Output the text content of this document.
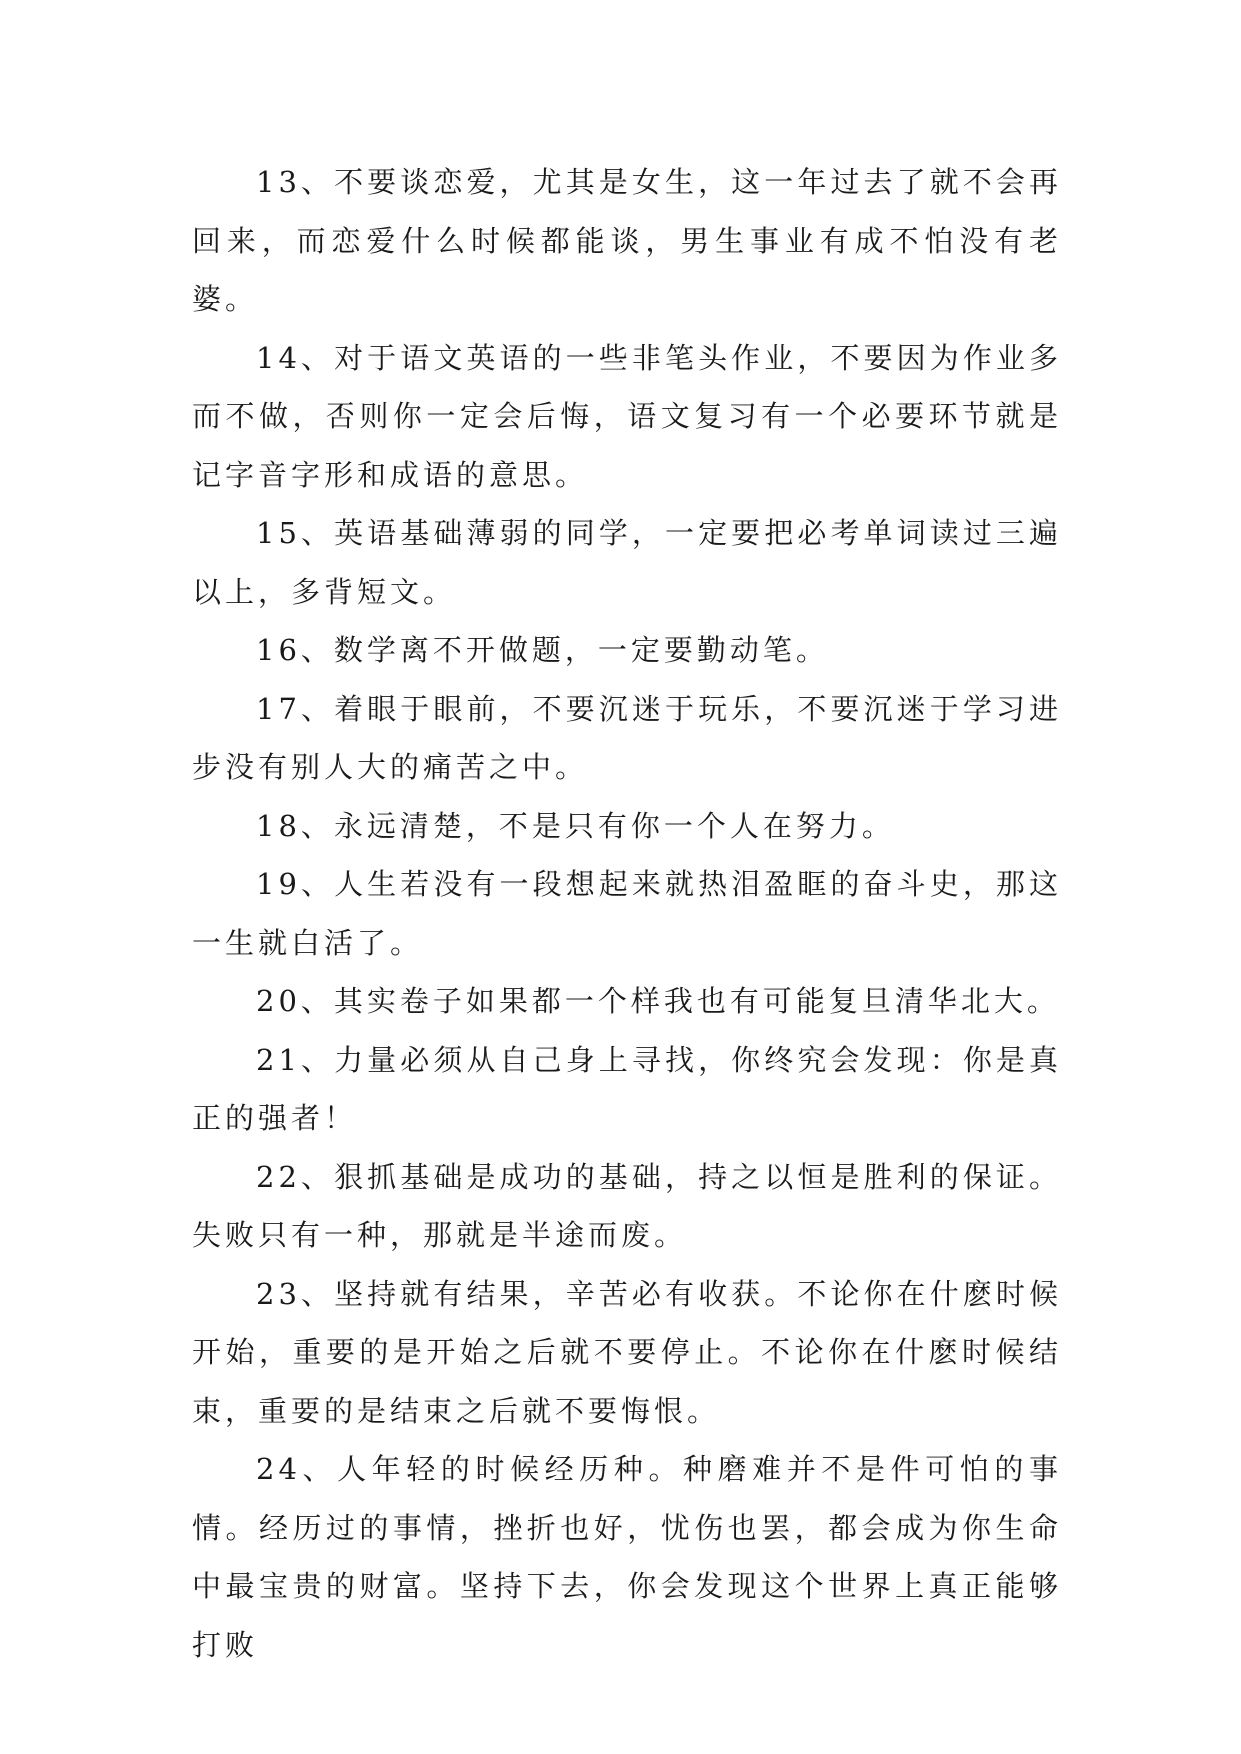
13、不要谈恋爱，尤其是女生，这一年过去了就不会再回来，而恋爱什么时候都能谈，男生事业有成不怕没有老婆。

14、对于语文英语的一些非笔头作业，不要因为作业多而不做，否则你一定会后悔，语文复习有一个必要环节就是记字音字形和成语的意思。

15、英语基础薄弱的同学，一定要把必考单词读过三遍以上，多背短文。

16、数学离不开做题，一定要勤动笔。

17、着眼于眼前，不要沉迷于玩乐，不要沉迷于学习进步没有别人大的痛苦之中。

18、永远清楚，不是只有你一个人在努力。

19、人生若没有一段想起来就热泪盈眶的奋斗史，那这一生就白活了。

20、其实卷子如果都一个样我也有可能复旦清华北大。

21、力量必须从自己身上寻找，你终究会发现：你是真正的强者！

22、狠抓基础是成功的基础，持之以恒是胜利的保证。失败只有一种，那就是半途而废。

23、坚持就有结果，辛苦必有收获。不论你在什麽时候开始，重要的是开始之后就不要停止。不论你在什麽时候结束，重要的是结束之后就不要悔恨。

24、人年轻的时候经历种。种磨难并不是件可怕的事情。经历过的事情，挫折也好，忧伤也罢，都会成为你生命中最宝贵的财富。坚持下去，你会发现这个世界上真正能够打败
